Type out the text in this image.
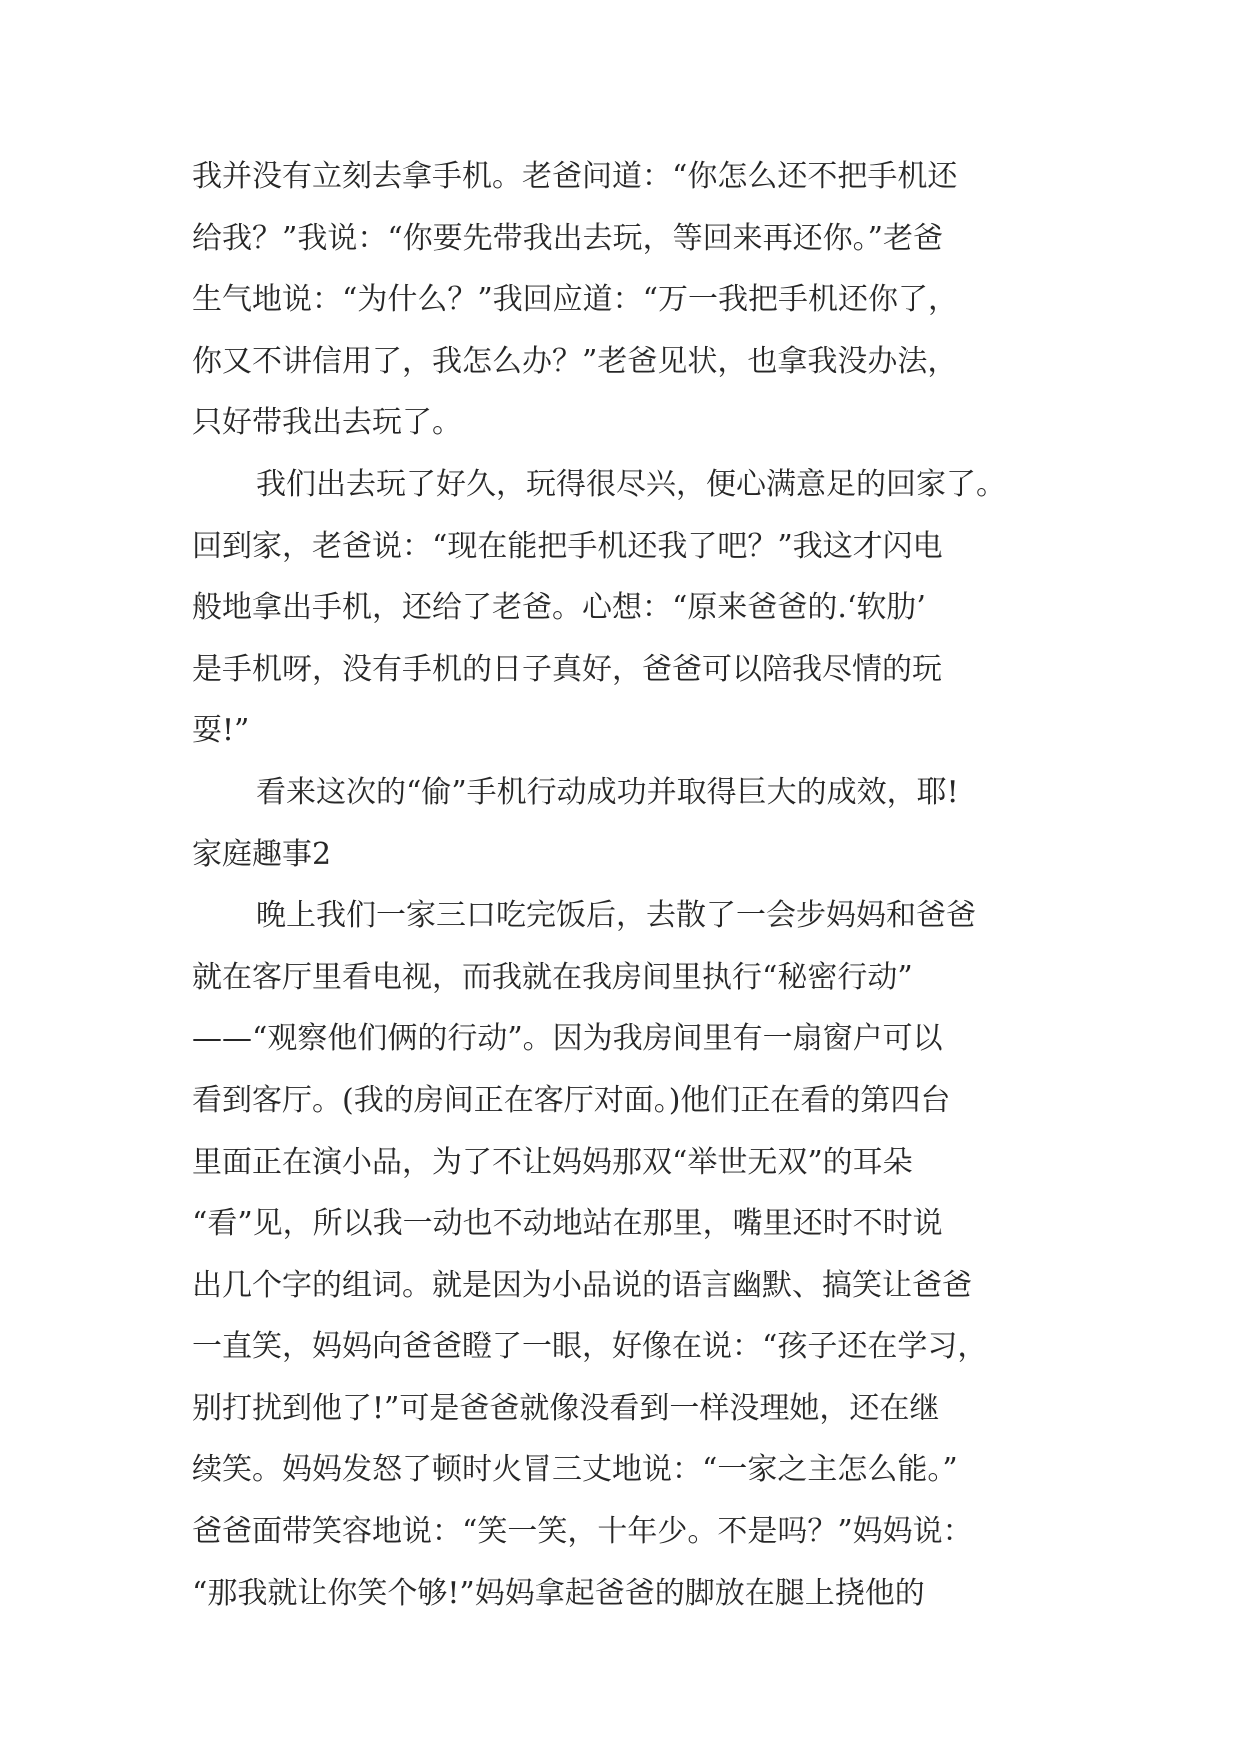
我并没有立刻去拿手机。老爸问道：“你怎么还不把手机还
给我？”我说：“你要先带我出去玩，等回来再还你。”老爸
生气地说：“为什么？”我回应道：“万一我把手机还你了，
你又不讲信用了，我怎么办？”老爸见状，也拿我没办法，
只好带我出去玩了。
我们出去玩了好久，玩得很尽兴，便心满意足的回家了。
回到家，老爸说：“现在能把手机还我了吧？”我这才闪电
般地拿出手机，还给了老爸。心想：“原来爸爸的.‘软肋’
是手机呀，没有手机的日子真好，爸爸可以陪我尽情的玩
耍!”
看来这次的“偷”手机行动成功并取得巨大的成效，耶!
家庭趣事2
晚上我们一家三口吃完饭后，去散了一会步妈妈和爸爸
就在客厅里看电视，而我就在我房间里执行“秘密行动”
——“观察他们俩的行动”。因为我房间里有一扇窗户可以
看到客厅。(我的房间正在客厅对面。)他们正在看的第四台
里面正在演小品，为了不让妈妈那双“举世无双”的耳朵
“看”见，所以我一动也不动地站在那里，嘴里还时不时说
出几个字的组词。就是因为小品说的语言幽默、搞笑让爸爸
一直笑，妈妈向爸爸瞪了一眼，好像在说：“孩子还在学习，
别打扰到他了!”可是爸爸就像没看到一样没理她，还在继
续笑。妈妈发怒了顿时火冒三丈地说：“一家之主怎么能。”
爸爸面带笑容地说：“笑一笑，十年少。不是吗？”妈妈说：
“那我就让你笑个够!”妈妈拿起爸爸的脚放在腿上挠他的
